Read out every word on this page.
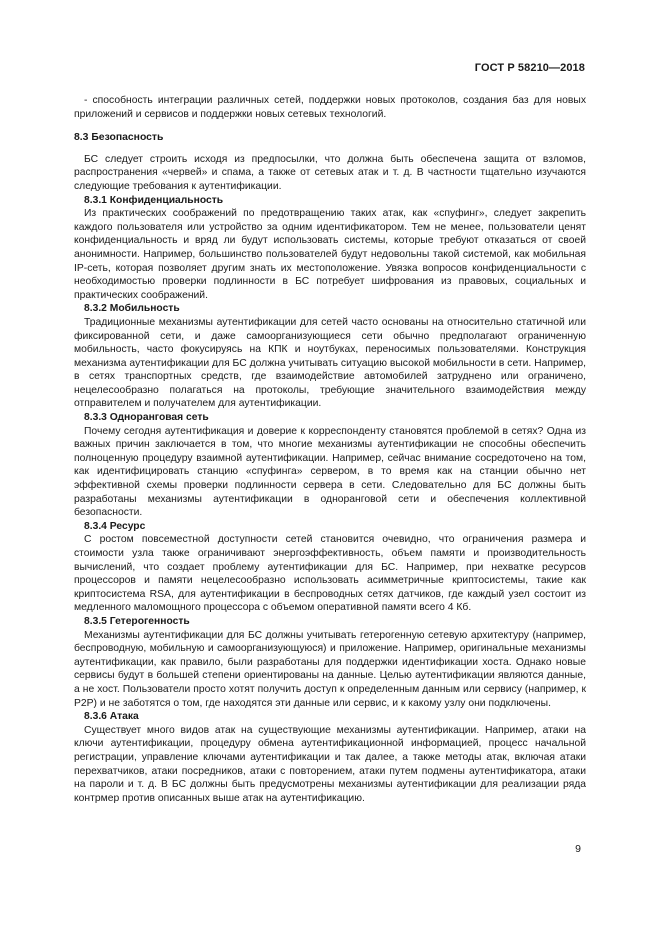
ГОСТ Р 58210—2018

- способность интеграции различных сетей, поддержки новых протоколов, создания баз для новых приложений и сервисов и поддержки новых сетевых технологий.

8.3 Безопасность

БС следует строить исходя из предпосылки, что должна быть обеспечена защита от взломов, распространения «червей» и спама, а также от сетевых атак и т. д. В частности тщательно изучаются следующие требования к аутентификации.

8.3.1 Конфиденциальность

Из практических соображений по предотвращению таких атак, как «спуфинг», следует закрепить каждого пользователя или устройство за одним идентификатором. Тем не менее, пользователи ценят конфиденциальность и вряд ли будут использовать системы, которые требуют отказаться от своей анонимности. Например, большинство пользователей будут недовольны такой системой, как мобильная IP-сеть, которая позволяет другим знать их местоположение. Увязка вопросов конфиденциальности с необходимостью проверки подлинности в БС потребует шифрования из правовых, социальных и практических соображений.

8.3.2 Мобильность

Традиционные механизмы аутентификации для сетей часто основаны на относительно статичной или фиксированной сети, и даже самоорганизующиеся сети обычно предполагают ограниченную мобильность, часто фокусируясь на КПК и ноутбуках, переносимых пользователями. Конструкция механизма аутентификации для БС должна учитывать ситуацию высокой мобильности в сети. Например, в сетях транспортных средств, где взаимодействие автомобилей затруднено или ограничено, нецелесообразно полагаться на протоколы, требующие значительного взаимодействия между отправителем и получателем для аутентификации.

8.3.3 Одноранговая сеть

Почему сегодня аутентификация и доверие к корреспонденту становятся проблемой в сетях? Одна из важных причин заключается в том, что многие механизмы аутентификации не способны обеспечить полноценную процедуру взаимной аутентификации. Например, сейчас внимание сосредоточено на том, как идентифицировать станцию «спуфинга» сервером, в то время как на станции обычно нет эффективной схемы проверки подлинности сервера в сети. Следовательно для БС должны быть разработаны механизмы аутентификации в одноранговой сети и обеспечения коллективной безопасности.

8.3.4 Ресурс

С ростом повсеместной доступности сетей становится очевидно, что ограничения размера и стоимости узла также ограничивают энергоэффективность, объем памяти и производительность вычислений, что создает проблему аутентификации для БС. Например, при нехватке ресурсов процессоров и памяти нецелесообразно использовать асимметричные криптосистемы, такие как криптосистема RSA, для аутентификации в беспроводных сетях датчиков, где каждый узел состоит из медленного маломощного процессора с объемом оперативной памяти всего 4 Кб.

8.3.5 Гетерогенность

Механизмы аутентификации для БС должны учитывать гетерогенную сетевую архитектуру (например, беспроводную, мобильную и самоорганизующуюся) и приложение. Например, оригинальные механизмы аутентификации, как правило, были разработаны для поддержки идентификации хоста. Однако новые сервисы будут в большей степени ориентированы на данные. Целью аутентификации являются данные, а не хост. Пользователи просто хотят получить доступ к определенным данным или сервису (например, к P2P) и не заботятся о том, где находятся эти данные или сервис, и к какому узлу они подключены.

8.3.6 Атака

Существует много видов атак на существующие механизмы аутентификации. Например, атаки на ключи аутентификации, процедуру обмена аутентификационной информацией, процесс начальной регистрации, управление ключами аутентификации и так далее, а также методы атак, включая атаки перехватчиков, атаки посредников, атаки с повторением, атаки путем подмены аутентификатора, атаки на пароли и т. д. В БС должны быть предусмотрены механизмы аутентификации для реализации ряда контрмер против описанных выше атак на аутентификацию.

9
